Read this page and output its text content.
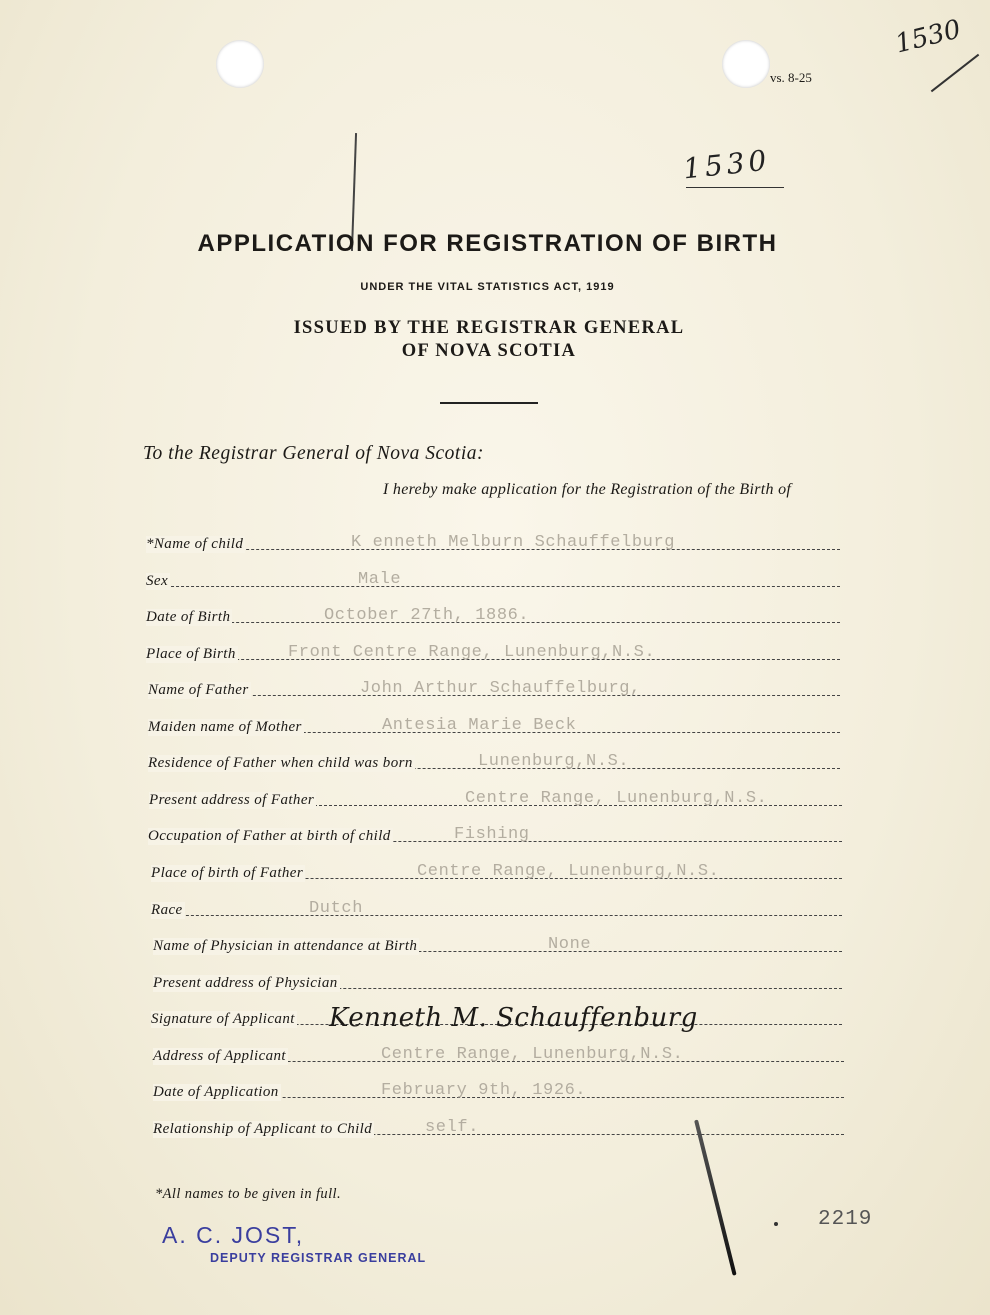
vs. 8-25
1530
1530
APPLICATION FOR REGISTRATION OF BIRTH
UNDER THE VITAL STATISTICS ACT, 1919
ISSUED BY THE REGISTRAR GENERAL
OF NOVA SCOTIA
To the Registrar General of Nova Scotia:
I hereby make application for the Registration of the Birth of
*Name of child	K enneth Melburn Schauffelburg
Sex	Male
Date of Birth	October 27th, 1886.
Place of Birth	Front Centre Range, Lunenburg,N.S.
Name of Father	John Arthur Schauffelburg,
Maiden name of Mother	Antesia Marie Beck
Residence of Father when child was born	Lunenburg,N.S.
Present address of Father	Centre Range, Lunenburg,N.S.
Occupation of Father at birth of child	Fishing
Place of birth of Father	Centre Range, Lunenburg,N.S.
Race	Dutch
Name of Physician in attendance at Birth	None
Present address of Physician
Signature of Applicant Kenneth M. Schauffenburg
Address of Applicant	Centre Range, Lunenburg,N.S.
Date of Application	February 9th, 1926.
Relationship of Applicant to Child	self.
*All names to be given in full.
A. C. JOST,
DEPUTY REGISTRAR GENERAL
2219
